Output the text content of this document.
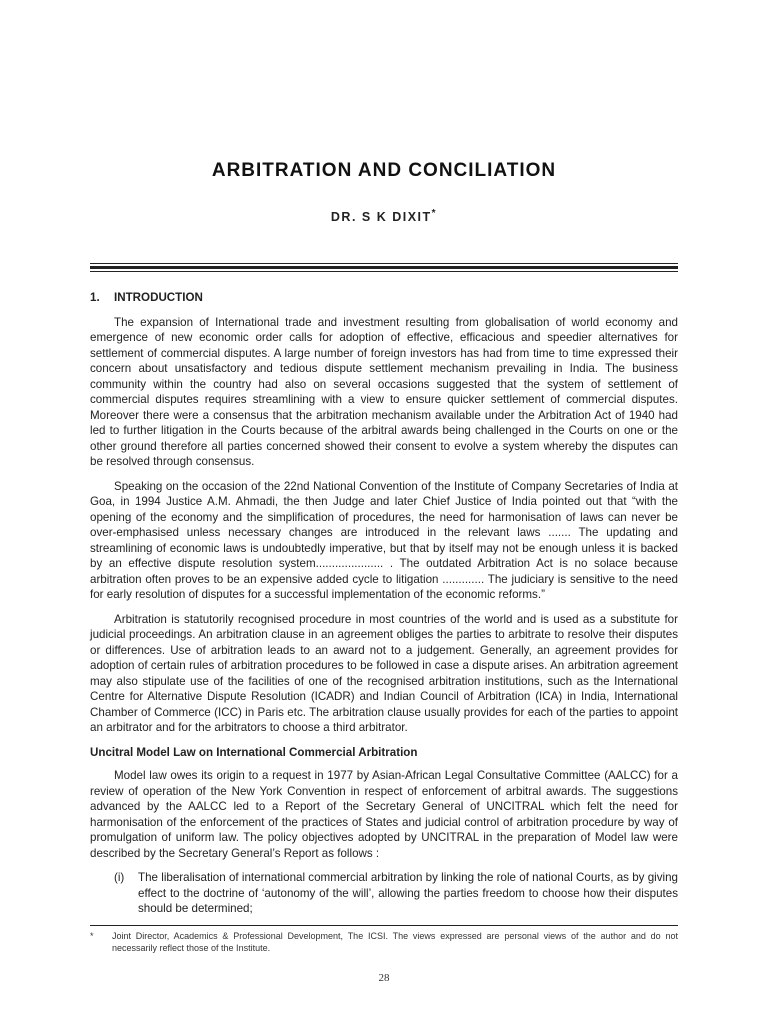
ARBITRATION AND CONCILIATION
DR. S K DIXIT*
1. INTRODUCTION

The expansion of International trade and investment resulting from globalisation of world economy and emergence of new economic order calls for adoption of effective, efficacious and speedier alternatives for settlement of commercial disputes. A large number of foreign investors has had from time to time expressed their concern about unsatisfactory and tedious dispute settlement mechanism prevailing in India. The business community within the country had also on several occasions suggested that the system of settlement of commercial disputes requires streamlining with a view to ensure quicker settlement of commercial disputes. Moreover there were a consensus that the arbitration mechanism available under the Arbitration Act of 1940 had led to further litigation in the Courts because of the arbitral awards being challenged in the Courts on one or the other ground therefore all parties concerned showed their consent to evolve a system whereby the disputes can be resolved through consensus.

Speaking on the occasion of the 22nd National Convention of the Institute of Company Secretaries of India at Goa, in 1994 Justice A.M. Ahmadi, the then Judge and later Chief Justice of India pointed out that “with the opening of the economy and the simplification of procedures, the need for harmonisation of laws can never be over-emphasised unless necessary changes are introduced in the relevant laws ....... The updating and streamlining of economic laws is undoubtedly imperative, but that by itself may not be enough unless it is backed by an effective dispute resolution system..................... . The outdated Arbitration Act is no solace because arbitration often proves to be an expensive added cycle to litigation ............. The judiciary is sensitive to the need for early resolution of disputes for a successful implementation of the economic reforms.”

Arbitration is statutorily recognised procedure in most countries of the world and is used as a substitute for judicial proceedings. An arbitration clause in an agreement obliges the parties to arbitrate to resolve their disputes or differences. Use of arbitration leads to an award not to a judgement. Generally, an agreement provides for adoption of certain rules of arbitration procedures to be followed in case a dispute arises. An arbitration agreement may also stipulate use of the facilities of one of the recognised arbitration institutions, such as the International Centre for Alternative Dispute Resolution (ICADR) and Indian Council of Arbitration (ICA) in India, International Chamber of Commerce (ICC) in Paris etc. The arbitration clause usually provides for each of the parties to appoint an arbitrator and for the arbitrators to choose a third arbitrator.

Uncitral Model Law on International Commercial Arbitration

Model law owes its origin to a request in 1977 by Asian-African Legal Consultative Committee (AALCC) for a review of operation of the New York Convention in respect of enforcement of arbitral awards. The suggestions advanced by the AALCC led to a Report of the Secretary General of UNCITRAL which felt the need for harmonisation of the enforcement of the practices of States and judicial control of arbitration procedure by way of promulgation of uniform law. The policy objectives adopted by UNCITRAL in the preparation of Model law were described by the Secretary General’s Report as follows :

(i)	The liberalisation of international commercial arbitration by linking the role of national Courts, as by giving effect to the doctrine of ‘autonomy of the will’, allowing the parties freedom to choose how their disputes should be determined;
*	Joint Director, Academics & Professional Development, The ICSI. The views expressed are personal views of the author and do not necessarily reflect those of the Institute.
28
